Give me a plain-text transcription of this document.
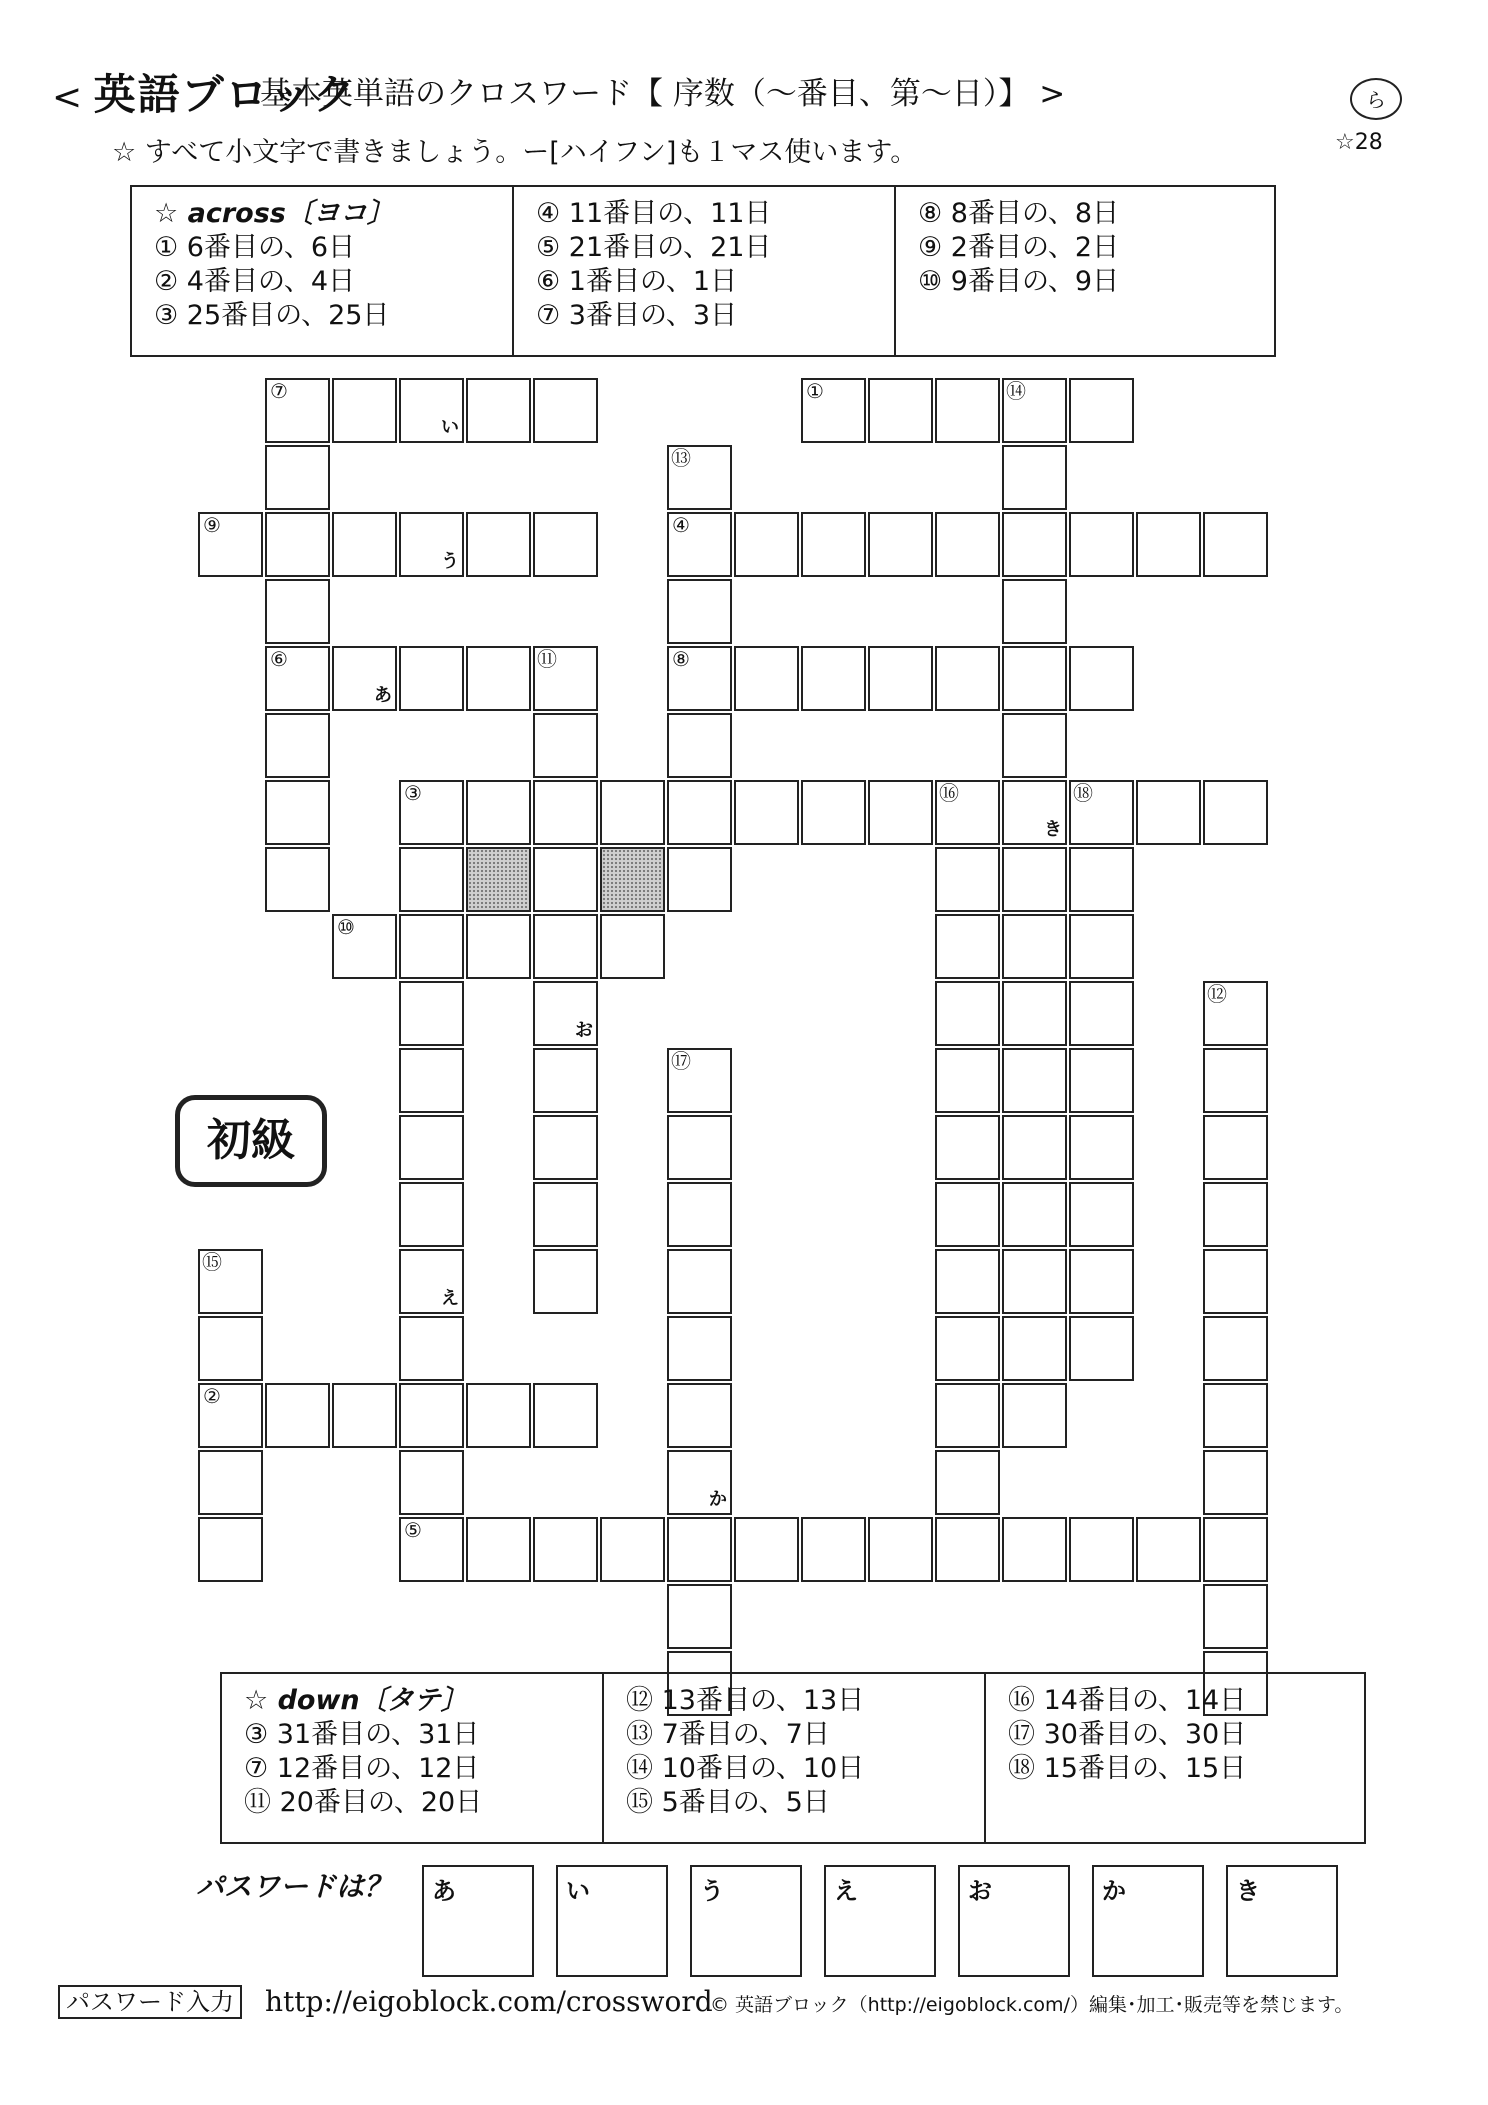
< 英語ブロック
基本英単語のクロスワード【 序数（～番目、第～日）】 >
☆ すべて小文字で書きましょう。ー[ハイフン]も１マス使います。
ら
☆28
☆ across〔ヨコ〕
① 6番目の、6日
② 4番目の、4日
③ 25番目の、25日
④ 11番目の、11日
⑤ 21番目の、21日
⑥ 1番目の、1日
⑦ 3番目の、3日
⑧ 8番目の、8日
⑨ 2番目の、2日
⑩ 9番目の、9日
⑦
い
①	⑭
⑨
う
④
⑥
あ
⑪	⑧
③	⑯
き
⑱
⑩
②
⑤
え
お
⑬
⑫
⑰
か
⑮
初級
☆ down〔タテ〕
③ 31番目の、31日
⑦ 12番目の、12日
⑪ 20番目の、20日
⑫ 13番目の、13日
⑬ 7番目の、7日
⑭ 10番目の、10日
⑮ 5番目の、5日
⑯ 14番目の、14日
⑰ 30番目の、30日
⑱ 15番目の、15日
パスワードは？ あ	い	う	え	お	か	き
パスワード入力 http://eigoblock.com/crossword
© 英語ブロック（http://eigoblock.com/）編集･加工･販売等を禁じます。
